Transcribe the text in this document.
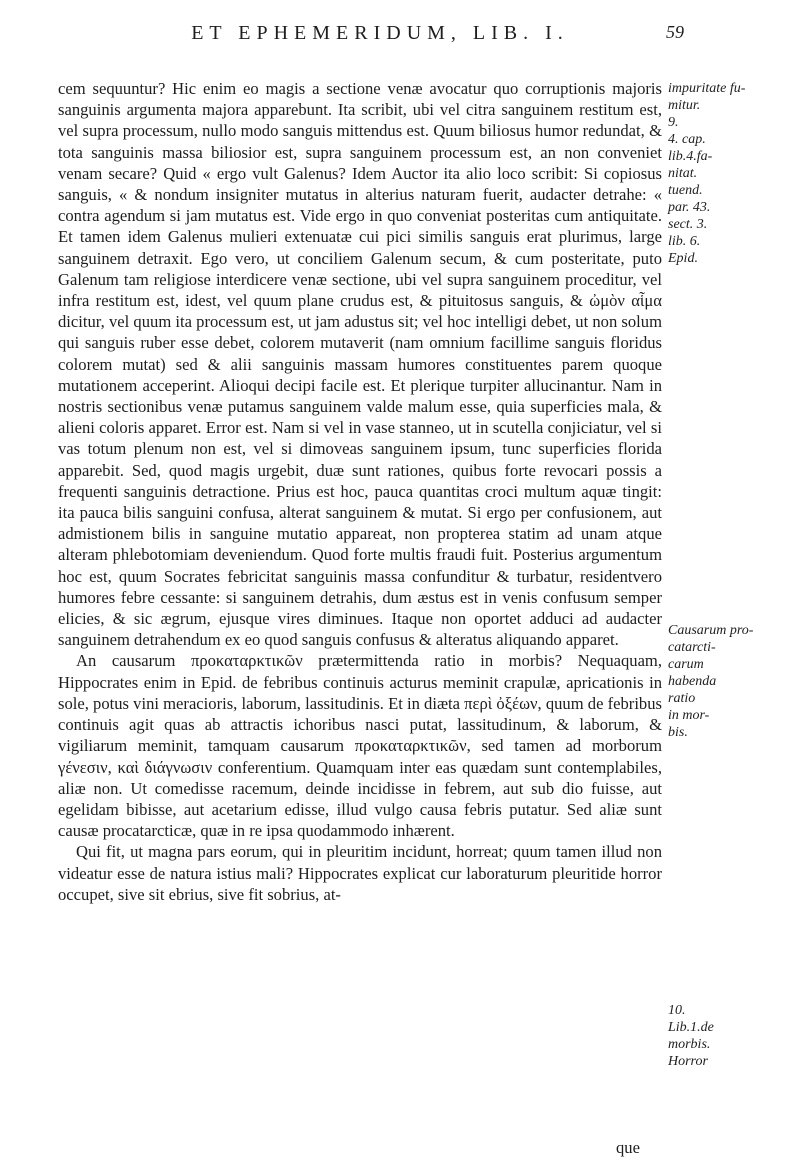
ET EPHEMERIDUM, LIB. I.	59

cem sequuntur? Hic enim eo magis a sectione venæ avocatur quo corruptionis majoris sanguinis argumenta majora apparebunt. Ita scribit, ubi vel citra sanguinem restitum est, vel supra processum, nullo modo sanguis mittendus est. Quum biliosus humor redundat, & tota sanguinis massa biliosior est, supra sanguinem processum est, an non conveniet venam secare? Quid « ergo vult Galenus? Idem Auctor ita alio loco scribit: Si copiosus sanguis, « & nondum insigniter mutatus in alterius naturam fuerit, audacter detrahe: « contra agendum si jam mutatus est. Vide ergo in quo conveniat posteritas cum antiquitate. Et tamen idem Galenus mulieri extenuatæ cui pici similis sanguis erat plurimus, large sanguinem detraxit. Ego vero, ut conciliem Galenum secum, & cum posteritate, puto Galenum tam religiose interdicere venæ sectione, ubi vel supra sanguinem proceditur, vel infra restitum est, idest, vel quum plane crudus est, & pituitosus sanguis, & ὠμὸν αἷμα dicitur, vel quum ita processum est, ut jam adustus sit; vel hoc intelligi debet, ut non solum qui sanguis ruber esse debet, colorem mutaverit (nam omnium facillime sanguis floridus colorem mutat) sed & alii sanguinis massam humores constituentes parem quoque mutationem acceperint. Alioqui decipi facile est. Et plerique turpiter allucinantur. Nam in nostris sectionibus venæ putamus sanguinem valde malum esse, quia superficies mala, & alieni coloris apparet. Error est. Nam si vel in vase stanneo, ut in scutella conjiciatur, vel si vas totum plenum non est, vel si dimoveas sanguinem ipsum, tunc superficies florida apparebit. Sed, quod magis urgebit, duæ sunt rationes, quibus forte revocari possis a frequenti sanguinis detractione. Prius est hoc, pauca quantitas croci multum aquæ tingit: ita pauca bilis sanguini confusa, alterat sanguinem & mutat. Si ergo per confusionem, aut admistionem bilis in sanguine mutatio appareat, non propterea statim ad unam atque alteram phlebotomiam deveniendum. Quod forte multis fraudi fuit. Posterius argumentum hoc est, quum Socrates febricitat sanguinis massa confunditur & turbatur, residentvero humores febre cessante: si sanguinem detrahis, dum æstus est in venis confusum semper elicies, & sic ægrum, ejusque vires diminues. Itaque non oportet adduci ad audacter sanguinem detrahendum ex eo quod sanguis confusus & alteratus aliquando apparet.

An causarum προκαταρκτικῶν prætermittenda ratio in morbis? Nequaquam, Hippocrates enim in Epid. de febribus continuis acturus meminit crapulæ, apricationis in sole, potus vini meracioris, laborum, lassitudinis. Et in diæta περὶ ὀξέων, quum de febribus continuis agit quas ab attractis ichoribus nasci putat, lassitudinum, & laborum, & vigiliarum meminit, tamquam causarum προκαταρκτικῶν, sed tamen ad morborum γένεσιν, καὶ διάγνωσιν conferentium. Quamquam inter eas quædam sunt contemplabiles, aliæ non. Ut comedisse racemum, deinde incidisse in febrem, aut sub dio fuisse, aut egelidam bibisse, aut acetarium edisse, illud vulgo causa febris putatur. Sed aliæ sunt causæ procatarcticæ, quæ in re ipsa quodammodo inhærent.

Qui fit, ut magna pars eorum, qui in pleuritim incidunt, horreat; quum tamen illud non videatur esse de natura istius mali? Hippocrates explicat cur laboraturum pleuritide horror occupet, sive sit ebrius, sive fit sobrius, at-

impuritate fu-
mitur.
9.
4. cap.
lib.4.fa-
nitat.
tuend.
par. 43.
sect. 3.
lib. 6.
Epid.
Causarum pro-
catarcti-
carum
habenda
ratio
in mor-
bis.
10.
Lib.1.de
morbis.
Horror
que
